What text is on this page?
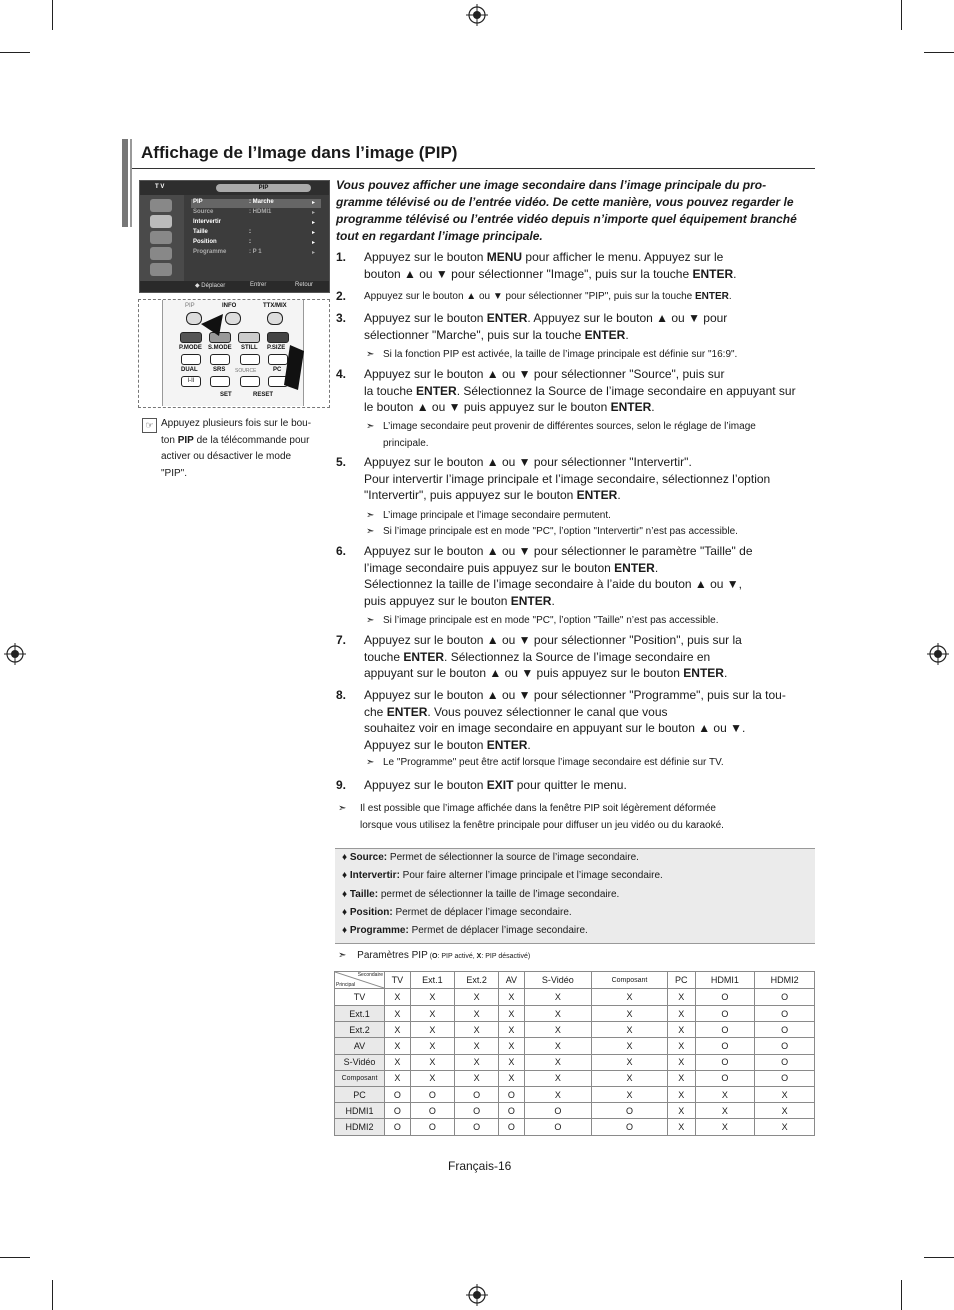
Affichage de l’Image dans l’image (PIP)
T V	PIP
PIP	: Marche	▸
Source	: HDMI1	▸
Intervertir	▸
Taille	:	▸
Position	:	▸
Programme	: P 1	▸
◆ Déplacer	Entrer	Retour
PIP	INFO	TTX/MIX
P.MODE S.MODE STILL P.SIZE
DUAL	SRS SOURCE	PC
I-II
SET	RESET
☞ Appuyez plusieurs fois sur le bou-
ton PIP de la télécommande pour
activer ou désactiver le mode
"PIP".
Vous pouvez afficher une image secondaire dans l’image principale du pro-
gramme télévisé ou de l’entrée vidéo. De cette manière, vous pouvez regarder le
programme télévisé ou l’entrée vidéo depuis n’importe quel équipement branché
tout en regardant l’image principale.
1. Appuyez sur le bouton MENU pour afficher le menu. Appuyez sur le
bouton ▲ ou ▼ pour sélectionner "Image", puis sur la touche ENTER.
2. Appuyez sur le bouton ▲ ou ▼ pour sélectionner "PIP", puis sur la touche ENTER.
3. Appuyez sur le bouton ENTER. Appuyez sur le bouton ▲ ou ▼ pour
sélectionner "Marche", puis sur la touche ENTER.
➣ Si la fonction PIP est activée, la taille de l’image principale est définie sur "16:9".
4. Appuyez sur le bouton ▲ ou ▼ pour sélectionner "Source", puis sur
la touche ENTER. Sélectionnez la Source de l’image secondaire en appuyant sur
le bouton ▲ ou ▼ puis appuyez sur le bouton ENTER.
➣ L’image secondaire peut provenir de différentes sources, selon le réglage de l’image
principale.
5. Appuyez sur le bouton ▲ ou ▼ pour sélectionner "Intervertir".
Pour intervertir l’image principale et l’image secondaire, sélectionnez l’option
"Intervertir", puis appuyez sur le bouton ENTER.
➣ L’image principale et l’image secondaire permutent.
➣ Si l’image principale est en mode "PC", l’option "Intervertir" n’est pas accessible.
6. Appuyez sur le bouton ▲ ou ▼ pour sélectionner le paramètre "Taille" de
l’image secondaire puis appuyez sur le bouton ENTER.
Sélectionnez la taille de l’image secondaire à l’aide du bouton ▲ ou ▼,
puis appuyez sur le bouton ENTER.
➣ Si l’image principale est en mode "PC", l’option "Taille" n’est pas accessible.
7. Appuyez sur le bouton ▲ ou ▼ pour sélectionner "Position", puis sur la
touche ENTER. Sélectionnez la Source de l’image secondaire en
appuyant sur le bouton ▲ ou ▼ puis appuyez sur le bouton ENTER.
8. Appuyez sur le bouton ▲ ou ▼ pour sélectionner "Programme", puis sur la tou-
che ENTER. Vous pouvez sélectionner le canal que vous
souhaitez voir en image secondaire en appuyant sur le bouton ▲ ou ▼.
Appuyez sur le bouton ENTER.
➣ Le "Programme" peut être actif lorsque l’image secondaire est définie sur TV.
9. Appuyez sur le bouton EXIT pour quitter le menu.
➣ Il est possible que l’image affichée dans la fenêtre PIP soit légèrement déformée
lorsque vous utilisez la fenêtre principale pour diffuser un jeu vidéo ou du karaoké.
♦ Source: Permet de sélectionner la source de l’image secondaire.
♦ Intervertir: Pour faire alterner l’image principale et l’image secondaire.
♦ Taille: permet de sélectionner la taille de l’image secondaire.
♦ Position: Permet de déplacer l’image secondaire.
♦ Programme: Permet de déplacer l’image secondaire.
➣ Paramètres PIP (O: PIP activé, X: PIP désactivé)
Secondaire
Principal	TV	Ext.1	Ext.2	AV	S-Vidéo	Composant	PC	HDMI1	HDMI2
TV	X	X	X	X	X	X	X	O	O
Ext.1	X	X	X	X	X	X	X	O	O
Ext.2	X	X	X	X	X	X	X	O	O
AV	X	X	X	X	X	X	X	O	O
S-Vidéo	X	X	X	X	X	X	X	O	O
Composant	X	X	X	X	X	X	X	O	O
PC	O	O	O	O	X	X	X	X	X
HDMI1	O	O	O	O	O	O	X	X	X
HDMI2	O	O	O	O	O	O	X	X	X
Français-16
